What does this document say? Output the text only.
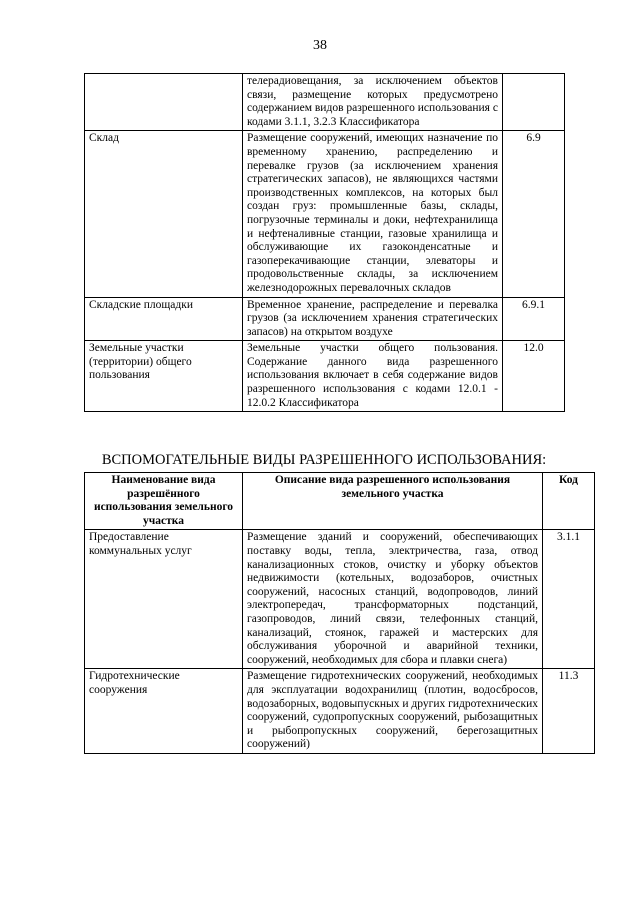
38
	телерадиовещания, за исключением объектов связи, размещение которых предусмотрено содержанием видов разрешенного использования с кодами 3.1.1, 3.2.3 Классификатора	
Склад	Размещение сооружений, имеющих назначение по временному хранению, распределению и перевалке грузов (за исключением хранения стратегических запасов), не являющихся частями производственных комплексов, на которых был создан груз: промышленные базы, склады, погрузочные терминалы и доки, нефтехранилища и нефтеналивные станции, газовые хранилища и обслуживающие их газоконденсатные и газоперекачивающие станции, элеваторы и продовольственные склады, за исключением железнодорожных перевалочных складов	6.9
Складские площадки	Временное хранение, распределение и перевалка грузов (за исключением хранения стратегических запасов) на открытом воздухе	6.9.1
Земельные участки (территории) общего пользования	Земельные участки общего пользования. Содержание данного вида разрешенного использования включает в себя содержание видов разрешенного использования с кодами 12.0.1 - 12.0.2 Классификатора	12.0
ВСПОМОГАТЕЛЬНЫЕ ВИДЫ РАЗРЕШЕННОГО ИСПОЛЬЗОВАНИЯ:
Наименование вида разрешённого использования земельного участка	Описание вида разрешенного использования земельного участка	Код
Предоставление коммунальных услуг	Размещение зданий и сооружений, обеспечивающих поставку воды, тепла, электричества, газа, отвод канализационных стоков, очистку и уборку объектов недвижимости (котельных, водозаборов, очистных сооружений, насосных станций, водопроводов, линий электропередач, трансформаторных подстанций, газопроводов, линий связи, телефонных станций, канализаций, стоянок, гаражей и мастерских для обслуживания уборочной и аварийной техники, сооружений, необходимых для сбора и плавки снега)	3.1.1
Гидротехнические сооружения	Размещение гидротехнических сооружений, необходимых для эксплуатации водохранилищ (плотин, водосбросов, водозаборных, водовыпускных и других гидротехнических сооружений, судопропускных сооружений, рыбозащитных и рыбопропускных сооружений, берегозащитных сооружений)	11.3
